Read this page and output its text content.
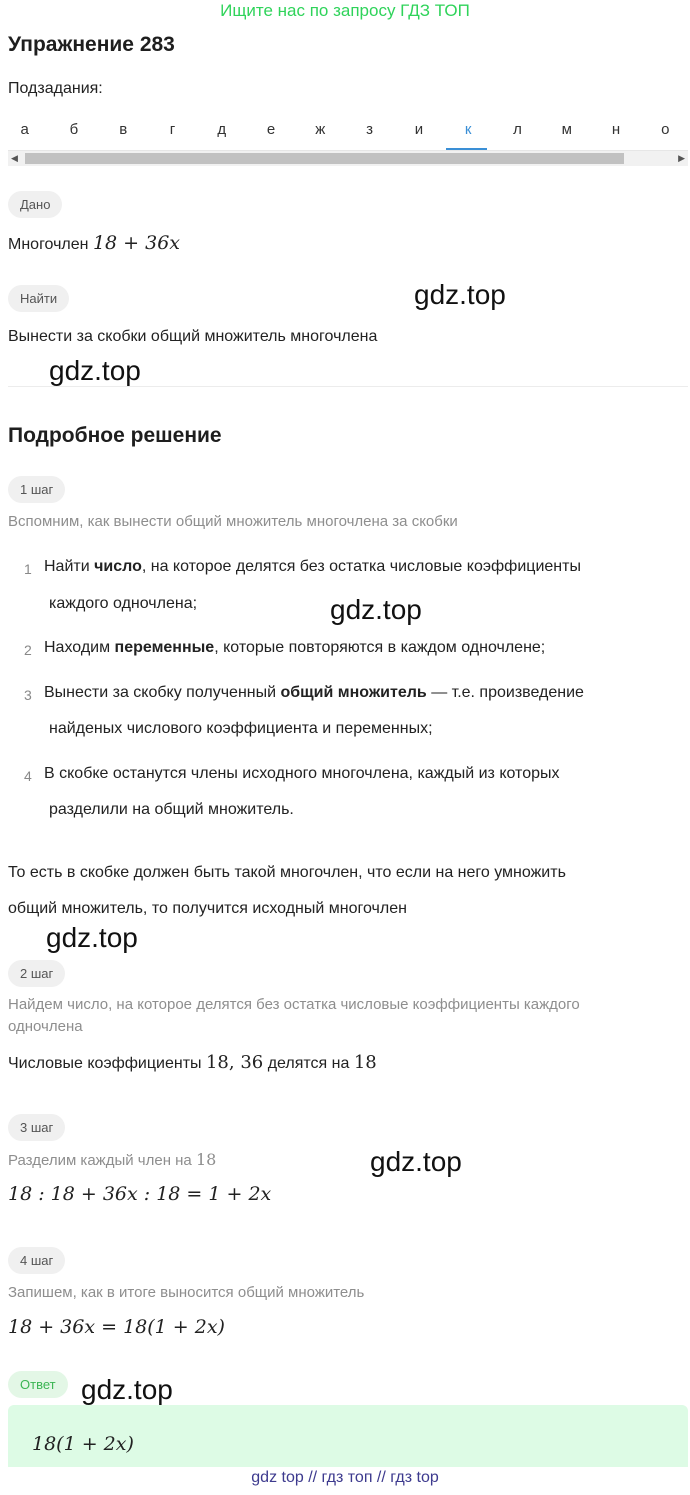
Ищите нас по запросу ГДЗ ТОП
Упражнение 283
Подзадания:
а	б	в	г	д	е	ж	з	и	к	л	м	н	о
◀	▶
Дано
Многочлен 18 + 36x
Найти
Вынести за скобки общий множитель многочлена
gdz.top
gdz.top
Подробное решение
1 шаг
Вспомним, как вынести общий множитель многочлена за скобки
1 Найти число, на которое делятся без остатка числовые коэффициенты
каждого одночлена;	gdz.top
2 Находим переменные, которые повторяются в каждом одночлене;
3 Вынести за скобку полученный общий множитель — т.е. произведение
найденых числового коэффициента и переменных;
4 В скобке останутся члены исходного многочлена, каждый из которых
разделили на общий множитель.
То есть в скобке должен быть такой многочлен, что если на него умножить
общий множитель, то получится исходный многочлен
gdz.top
2 шаг
Найдем число, на которое делятся без остатка числовые коэффициенты каждого
одночлена
Числовые коэффициенты 18, 36 делятся на 18
3 шаг
Разделим каждый член на 18
18 : 18 + 36x : 18 = 1 + 2x
gdz.top
4 шаг
Запишем, как в итоге выносится общий множитель
18 + 36x = 18(1 + 2x)
Ответ gdz.top
18(1 + 2x)
gdz top // гдз топ // гдз top
